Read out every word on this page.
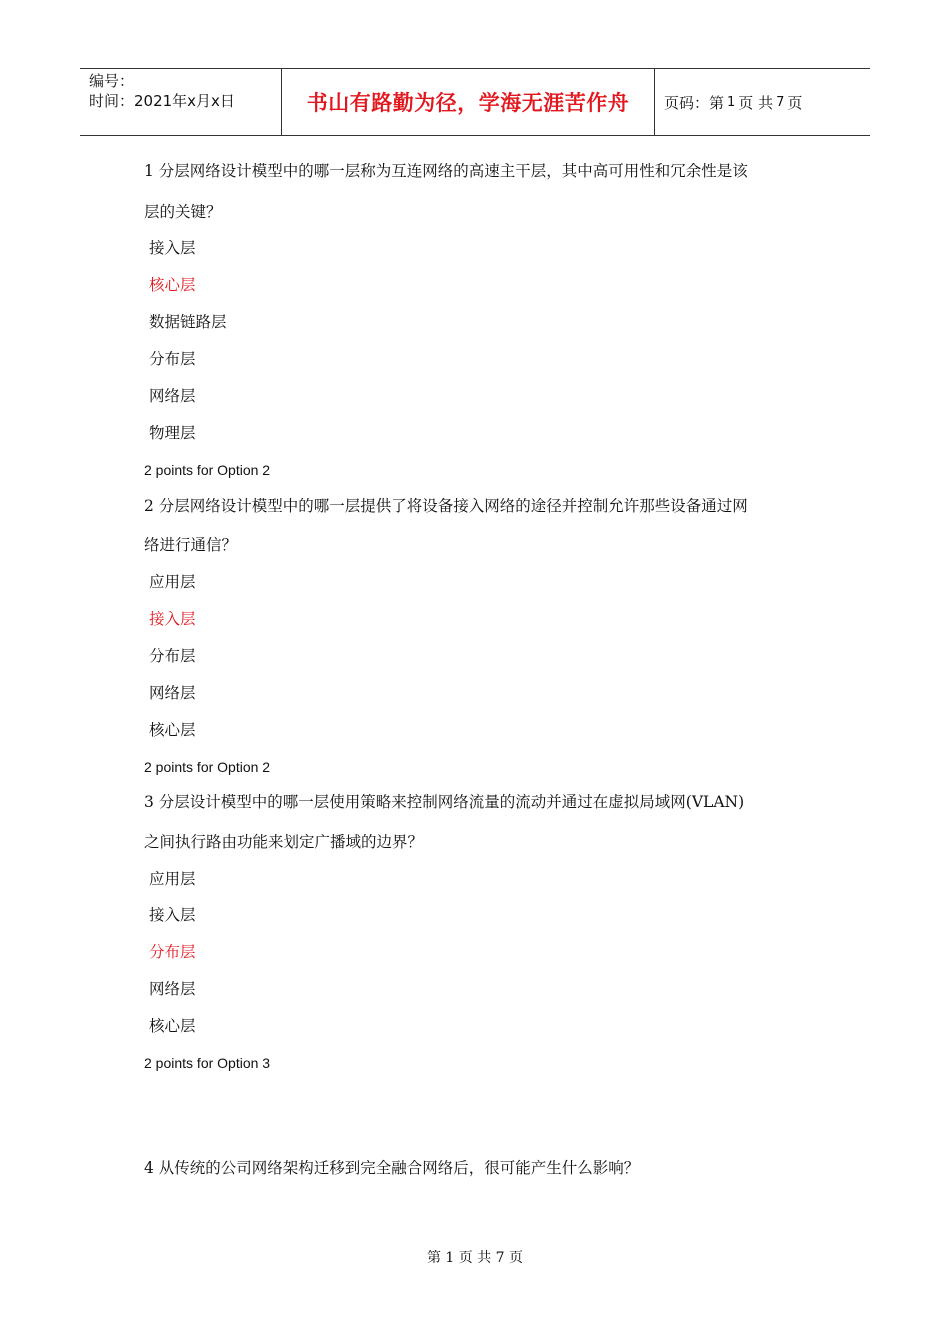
编号：
时间：2021年x月x日	书山有路勤为径，学海无涯苦作舟	页码：第 1 页 共 7 页
1 分层网络设计模型中的哪一层称为互连网络的高速主干层，其中高可用性和冗余性是该
层的关键？
接入层
核心层
数据链路层
分布层
网络层
物理层
2 points for Option 2
2 分层网络设计模型中的哪一层提供了将设备接入网络的途径并控制允许那些设备通过网
络进行通信？
应用层
接入层
分布层
网络层
核心层
2 points for Option 2
3 分层设计模型中的哪一层使用策略来控制网络流量的流动并通过在虚拟局域网(VLAN)
之间执行路由功能来划定广播域的边界？
应用层
接入层
分布层
网络层
核心层
2 points for Option 3
4 从传统的公司网络架构迁移到完全融合网络后，很可能产生什么影响？
第 1 页 共 7 页
